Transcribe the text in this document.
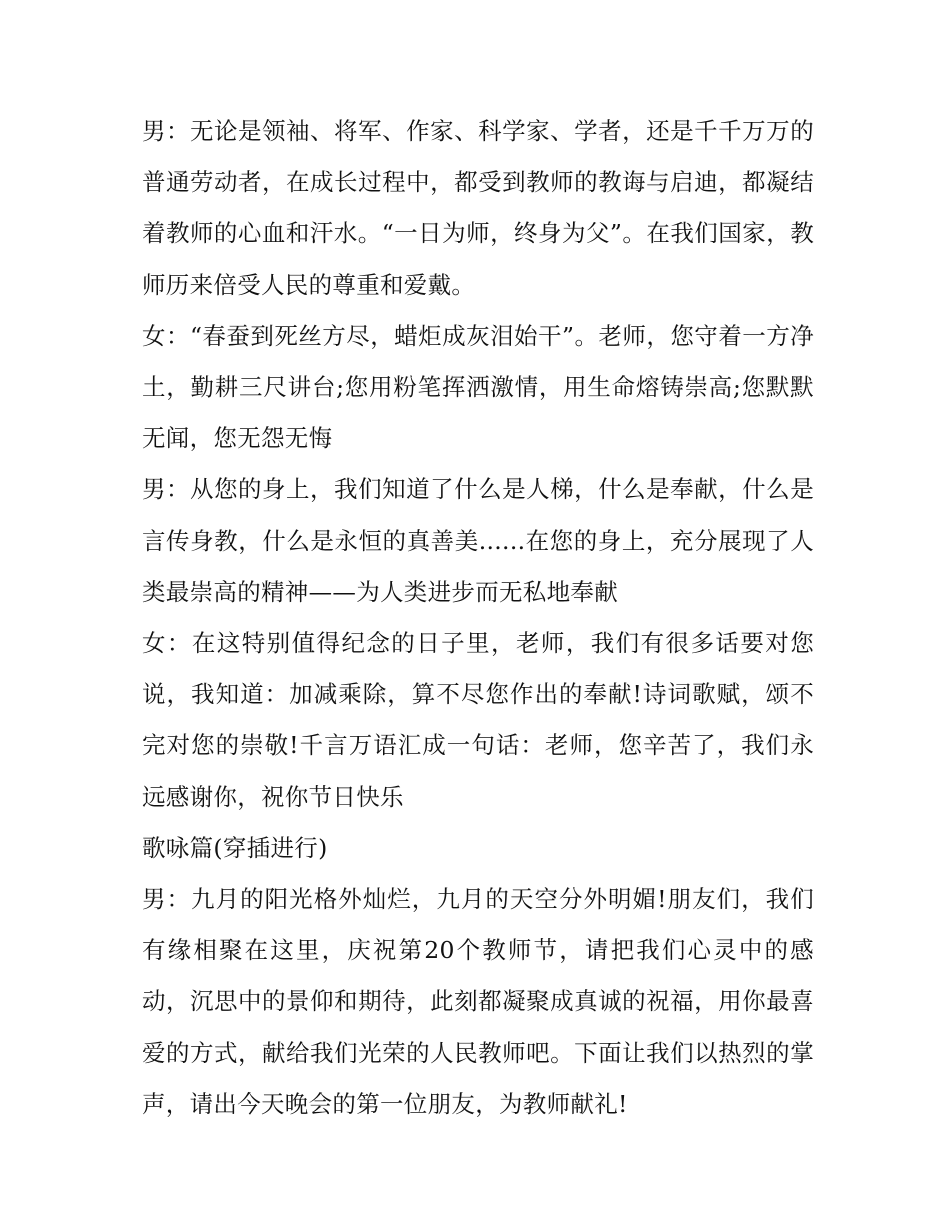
男：无论是领袖、将军、作家、科学家、学者，还是千千万万的普通劳动者，在成长过程中，都受到教师的教诲与启迪，都凝结着教师的心血和汗水。“一日为师，终身为父”。在我们国家，教师历来倍受人民的尊重和爱戴。

女：“春蚕到死丝方尽，蜡炬成灰泪始干”。老师，您守着一方净土，勤耕三尺讲台;您用粉笔挥洒激情，用生命熔铸崇高;您默默无闻，您无怨无悔

男：从您的身上，我们知道了什么是人梯，什么是奉献，什么是言传身教，什么是永恒的真善美......在您的身上，充分展现了人类最崇高的精神——为人类进步而无私地奉献

女：在这特别值得纪念的日子里，老师，我们有很多话要对您说，我知道：加减乘除，算不尽您作出的奉献!诗词歌赋，颂不完对您的崇敬!千言万语汇成一句话：老师，您辛苦了，我们永远感谢你，祝你节日快乐

歌咏篇(穿插进行)

男：九月的阳光格外灿烂，九月的天空分外明媚!朋友们，我们有缘相聚在这里，庆祝第20个教师节，请把我们心灵中的感动，沉思中的景仰和期待，此刻都凝聚成真诚的祝福，用你最喜爱的方式，献给我们光荣的人民教师吧。下面让我们以热烈的掌声，请出今天晚会的第一位朋友，为教师献礼!
